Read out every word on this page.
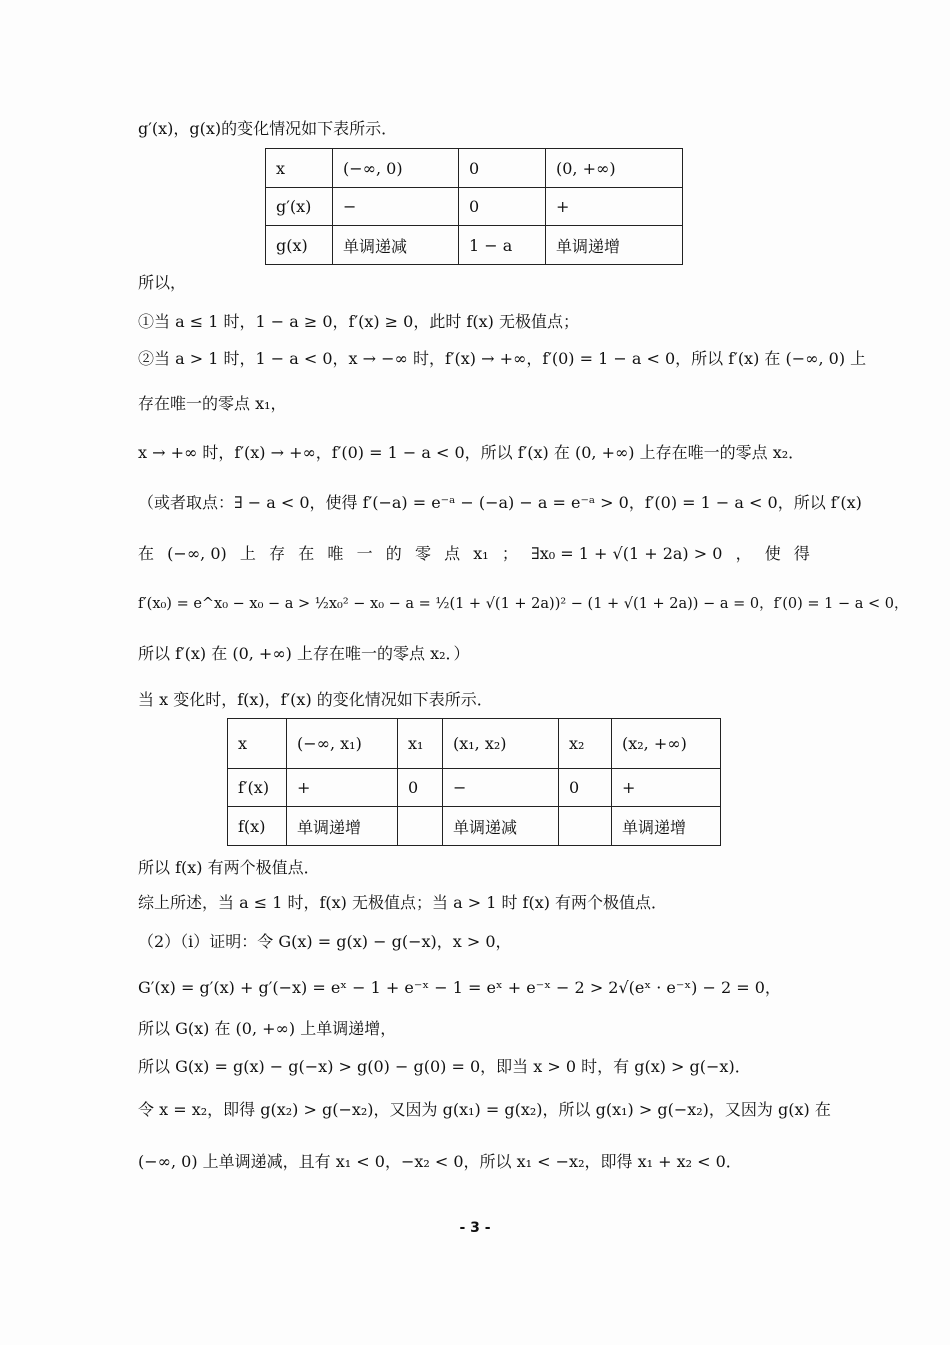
g′(x)，g(x)的变化情况如下表所示．
x	(−∞, 0)	0	(0, +∞)
g′(x)	−	0	+
g(x)	单调递减	1 − a	单调递增
所以，
①当 a ≤ 1 时，1 − a ≥ 0，f′(x) ≥ 0，此时 f(x) 无极值点；
②当 a > 1 时，1 − a < 0，x → −∞ 时，f′(x) → +∞，f′(0) = 1 − a < 0，所以 f′(x) 在 (−∞, 0) 上
存在唯一的零点 x₁，
x → +∞ 时，f′(x) → +∞，f′(0) = 1 − a < 0，所以 f′(x) 在 (0, +∞) 上存在唯一的零点 x₂．
（或者取点：∃ − a < 0，使得 f′(−a) = e⁻ᵃ − (−a) − a = e⁻ᵃ > 0，f′(0) = 1 − a < 0，所以 f′(x)
在 (−∞, 0) 上 存 在 唯 一 的 零 点 x₁ ； ∃x₀ = 1 + √(1 + 2a) > 0 ， 使 得
f′(x₀) = e^x₀ − x₀ − a > ½x₀² − x₀ − a = ½(1 + √(1 + 2a))² − (1 + √(1 + 2a)) − a = 0，f′(0) = 1 − a < 0，
所以 f′(x) 在 (0, +∞) 上存在唯一的零点 x₂．）
当 x 变化时，f(x)，f′(x) 的变化情况如下表所示．
x	(−∞, x₁)	x₁	(x₁, x₂)	x₂	(x₂, +∞)
f′(x)	+	0	−	0	+
f(x)	单调递增		单调递减		单调递增
所以 f(x) 有两个极值点．
综上所述，当 a ≤ 1 时，f(x) 无极值点；当 a > 1 时 f(x) 有两个极值点．
（2）（i）证明：令 G(x) = g(x) − g(−x)，x > 0，
G′(x) = g′(x) + g′(−x) = eˣ − 1 + e⁻ˣ − 1 = eˣ + e⁻ˣ − 2 > 2√(eˣ · e⁻ˣ) − 2 = 0，
所以 G(x) 在 (0, +∞) 上单调递增，
所以 G(x) = g(x) − g(−x) > g(0) − g(0) = 0，即当 x > 0 时，有 g(x) > g(−x)．
令 x = x₂，即得 g(x₂) > g(−x₂)，又因为 g(x₁) = g(x₂)，所以 g(x₁) > g(−x₂)，又因为 g(x) 在
(−∞, 0) 上单调递减，且有 x₁ < 0，−x₂ < 0，所以 x₁ < −x₂，即得 x₁ + x₂ < 0．
- 3 -
